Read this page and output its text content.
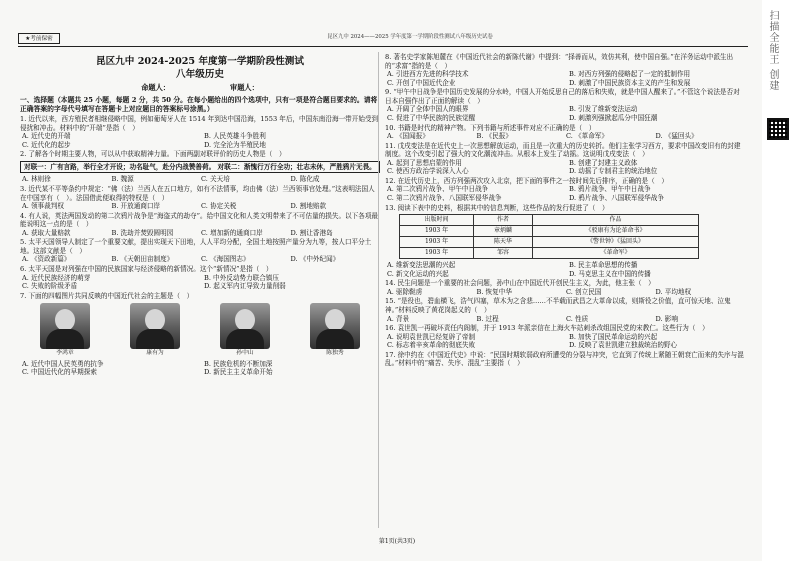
★考前保密	昆区九中 2024——2025 学年度第一学期阶段性测试八年级历史试卷
昆区九中 2024-2025 年度第一学期阶段性测试
八年级历史
命题人：	审题人：
一、选择题（本题共 25 小题，每题 2 分，共 50 分。在每小题给出的四个选项中，只有一项是符合题目要求的。请将正确答案的字母代号填写在答题卡上对应题目的答案标号涂黑。）
1. 近代以来，西方殖民者相继侵略中国，例如葡萄牙人在 1514 年到达中国沿海，1553 年后，中国东南沿海一带开始受到侵扰和冲击。材料中的“开端”是指（　）
A. 近代史的开端	B. 人民英雄斗争胜利
C. 近代化的起步	D. 完全沦为半殖民地
2. 了解各个时期主要人物，可以从中获取精神力量。下面两副对联评价的历史人物是（　）
对联一：广有言路，举行全才开设；功名耻气，赴分内战赞善荷。 对联二：渐愧行万行全功；壮志未休，严胜鸦片无畏。
A. 林则徐	B. 魏源	C. 关天培	D. 陈化成
3. 近代某不平等条约中规定：“佛（法）兰西人在五口地方，如有不法情事，均由佛（法）兰西领事官处理。”这表明法国人在中国享有（　）。法国借此便取得的特权是（　）
A. 领事裁判权	B. 开放通商口岸	C. 协定关税	D. 割地赔款
4. 有人说，英法两国发动的第二次鸦片战争是“海盗式的劫夺”。给中国文化和人类文明带来了不可估量的损失。以下各项最能说明这一点的是（　）
A. 获取大量赔款	B. 洗劫并焚毁圆明园	C. 增加新的通商口岸	D. 割让香港岛
5. 太平天国领导人制定了一个重要文献，提出实现天下田地，人人平均分配，全国土地按照产量分为九等，按人口平分土地。这部文献是（　）
A. 《资政新篇》	B. 《天朝田亩制度》	C. 《海国图志》	D. 《中外纪闻》
6. 太平天国是对列强在中国的民族国家与经济侵略的新情况。这个“新情况”是指（　）
A. 近代民族经济的萌芽	B. 中外反动势力联合镇压
C. 失败的阶级矛盾	D. 起义军内讧导致力量削弱
7. 下面的四幅图片共同反映的中国近代社会的主题是（　）
李鸿章	康有为	孙中山	陈独秀
A. 近代中国人民英勇的抗争	B. 民族危机的不断加深
C. 中国近代化的早期探索	D. 新民主主义革命开始
8. 著名史学家陈旭麓在《中国近代社会的新陈代谢》中提到：“择善而从，效仿其利，使中国自强。”在洋务运动中派生出的“求富”指的是（　）
A. 引进西方先进的科学技术	B. 对西方列强的侵略起了一定的抵制作用
C. 开创了中国近代企业	D. 刺激了中国民族资本主义的产生和发展
9. “甲午中日战争是中国历史发展的分水岭，中国人开始反思自己的落后和失败，就是中国人醒来了。”不管这个说法是否对日本自强作出了正面的解读（　）
A. 开阔了全体中国人的眼界	B. 引发了维新变法运动
C. 促进了中华民族的民族觉醒	D. 刺激列强掀起瓜分中国狂潮
10. 书籍是时代的精神产物。下列书籍与所述事件对应不正确的是（　）
A. 《国闻报》	B. 《民报》	C. 《革命军》	D. 《猛回头》
11. 戊戌变法是在近代史上一次思想解放运动，而且是一次重大的历史转折。他们主张学习西方，要求中国改变旧有的封建制度。这个改变引起了强大的文化潮流冲击。从根本上发生了动摇。这说明戊戌变法（　）
A. 起到了思想启蒙的作用	B. 创建了封建主义政体
C. 使西方政治学说深入人心	D. 动摇了专制君主的统治地位
12. 在近代历史上，西方列强两次攻入北京，把下面的事件之一按时间先后排序，正确的是（　）
A. 第二次鸦片战争、甲午中日战争	B. 鸦片战争、甲午中日战争
C. 第二次鸦片战争、八国联军侵华战争	D. 鸦片战争、八国联军侵华战争
13. 阅读下表中的史料，根据其中的信息判断，这些作品的发行促进了（　）
出版时间	作者	作品
1903 年	章炳麟	《驳康有为论革命书》
1903 年	陈天华	《警世钟》《猛回头》
1903 年	邹容	《革命军》
A. 维新变法思潮的兴起	B. 民主革命思想的传播
C. 新文化运动的兴起	D. 马克思主义在中国的传播
14. 民生问题是一个重要的社会问题，孙中山在中国近代开创民生主义，为此，他主张（　）
A. 驱除鞑虏	B. 恢复中华	C. 创立民国	D. 平均地权
15. “是役也，碧血横飞，浩气四塞，草木为之含悲……不半载而武昌之大革命以成，则斯役之价值，直可惊天地、泣鬼神。”材料反映了黄花岗起义的（　）
A. 背景	B. 过程	C. 性质	D. 影响
16. 袁世凯一再破坏责任内阁制，并于 1913 年派亲信在上海火车站刺杀改组国民党的宋教仁。这些行为（　）
A. 说明袁世凯已经复辟了帝制	B. 加快了国民革命运动的兴起
C. 标志着辛亥革命的彻底失败	D. 反映了袁世凯建立独裁统治的野心
17. 徐中约在《中国近代史》中说：“民国时期软弱政府所遭受的分裂与冲突，它直到了传统上紧随王朝衰亡而来的失序与混乱。”材料中的“痛苦、失序、混乱”主要指（　）
第1页(共3页)
扫描全能王 创建
